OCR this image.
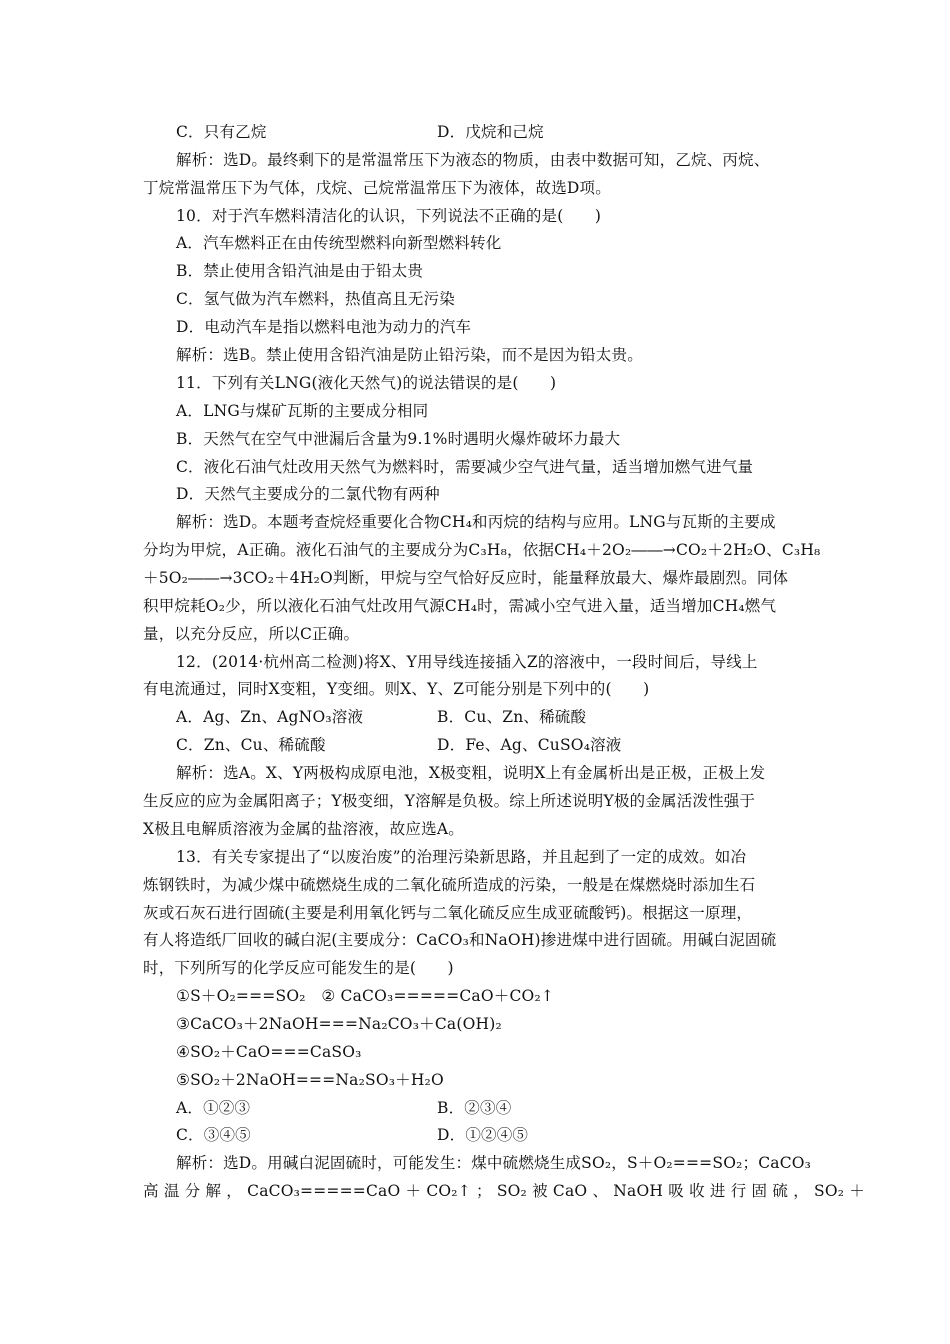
C．只有乙烷	D．戊烷和己烷
解析：选D。最终剩下的是常温常压下为液态的物质，由表中数据可知，乙烷、丙烷、
丁烷常温常压下为气体，戊烷、己烷常温常压下为液体，故选D项。
10．对于汽车燃料清洁化的认识，下列说法不正确的是(　　)
A．汽车燃料正在由传统型燃料向新型燃料转化
B．禁止使用含铅汽油是由于铅太贵
C．氢气做为汽车燃料，热值高且无污染
D．电动汽车是指以燃料电池为动力的汽车
解析：选B。禁止使用含铅汽油是防止铅污染，而不是因为铅太贵。
11．下列有关LNG(液化天然气)的说法错误的是(　　)
A．LNG与煤矿瓦斯的主要成分相同
B．天然气在空气中泄漏后含量为9.1%时遇明火爆炸破坏力最大
C．液化石油气灶改用天然气为燃料时，需要减少空气进气量，适当增加燃气进气量
D．天然气主要成分的二氯代物有两种
解析：选D。本题考查烷烃重要化合物CH₄和丙烷的结构与应用。LNG与瓦斯的主要成
分均为甲烷，A正确。液化石油气的主要成分为C₃H₈，依据CH₄＋2O₂――→CO₂＋2H₂O、C₃H₈
＋5O₂――→3CO₂＋4H₂O判断，甲烷与空气恰好反应时，能量释放最大、爆炸最剧烈。同体
积甲烷耗O₂少，所以液化石油气灶改用气源CH₄时，需减小空气进入量，适当增加CH₄燃气
量，以充分反应，所以C正确。
12．(2014·杭州高二检测)将X、Y用导线连接插入Z的溶液中，一段时间后，导线上
有电流通过，同时X变粗，Y变细。则X、Y、Z可能分别是下列中的(　　)
A．Ag、Zn、AgNO₃溶液	B．Cu、Zn、稀硫酸
C．Zn、Cu、稀硫酸	D．Fe、Ag、CuSO₄溶液
解析：选A。X、Y两极构成原电池，X极变粗，说明X上有金属析出是正极，正极上发
生反应的应为金属阳离子；Y极变细，Y溶解是负极。综上所述说明Y极的金属活泼性强于
X极且电解质溶液为金属的盐溶液，故应选A。
13．有关专家提出了“以废治废”的治理污染新思路，并且起到了一定的成效。如冶
炼钢铁时，为减少煤中硫燃烧生成的二氧化硫所造成的污染，一般是在煤燃烧时添加生石
灰或石灰石进行固硫(主要是利用氧化钙与二氧化硫反应生成亚硫酸钙)。根据这一原理，
有人将造纸厂回收的碱白泥(主要成分：CaCO₃和NaOH)掺进煤中进行固硫。用碱白泥固硫
时，下列所写的化学反应可能发生的是(　　)
①S＋O₂===SO₂　② CaCO₃=====CaO＋CO₂↑
③CaCO₃＋2NaOH===Na₂CO₃＋Ca(OH)₂
④SO₂＋CaO===CaSO₃
⑤SO₂＋2NaOH===Na₂SO₃＋H₂O
A．①②③	B．②③④
C．③④⑤	D．①②④⑤
解析：选D。用碱白泥固硫时，可能发生：煤中硫燃烧生成SO₂，S＋O₂===SO₂；CaCO₃
高 温 分 解 ， CaCO₃=====CaO ＋ CO₂↑ ； SO₂ 被 CaO 、 NaOH 吸 收 进 行 固 硫 ， SO₂ ＋
